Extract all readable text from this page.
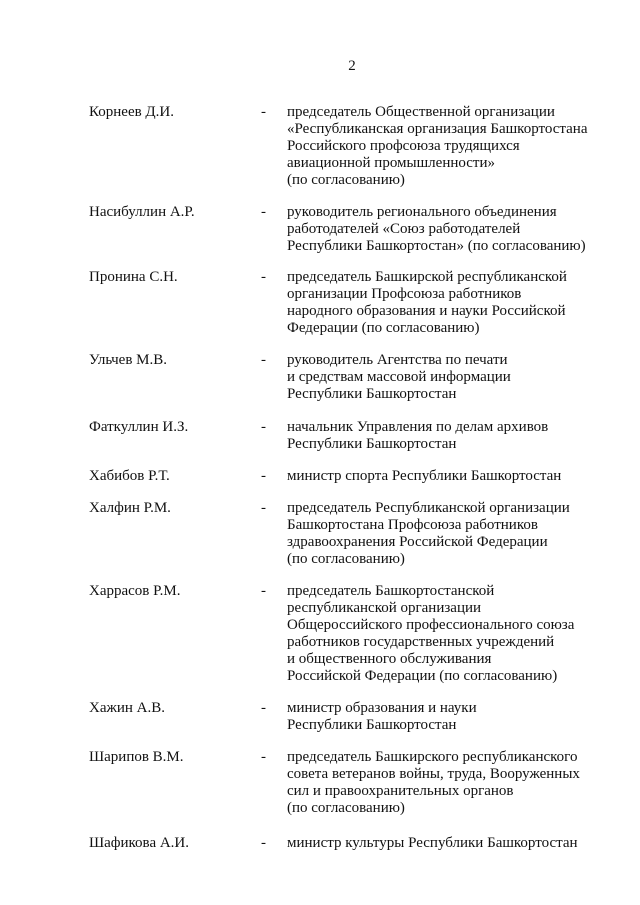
2
Корнеев Д.И.	- председатель Общественной организации
«Республиканская организация Башкортостана
Российского профсоюза трудящихся
авиационной промышленности»
(по согласованию)
Насибуллин А.Р.	- руководитель регионального объединения
работодателей «Союз работодателей
Республики Башкортостан» (по согласованию)
Пронина С.Н.	- председатель Башкирской республиканской
организации Профсоюза работников
народного образования и науки Российской
Федерации (по согласованию)
Ульчев М.В.	- руководитель Агентства по печати
и средствам массовой информации
Республики Башкортостан
Фаткуллин И.З.	- начальник Управления по делам архивов
Республики Башкортостан
Хабибов Р.Т.	- министр спорта Республики Башкортостан
Халфин Р.М.	- председатель Республиканской организации
Башкортостана Профсоюза работников
здравоохранения Российской Федерации
(по согласованию)
Харрасов Р.М.	- председатель Башкортостанской
республиканской организации
Общероссийского профессионального союза
работников государственных учреждений
и общественного обслуживания
Российской Федерации (по согласованию)
Хажин А.В.	- министр образования и науки
Республики Башкортостан
Шарипов В.М.	- председатель Башкирского республиканского
совета ветеранов войны, труда, Вооруженных
сил и правоохранительных органов
(по согласованию)
Шафикова А.И.	- министр культуры Республики Башкортостан
